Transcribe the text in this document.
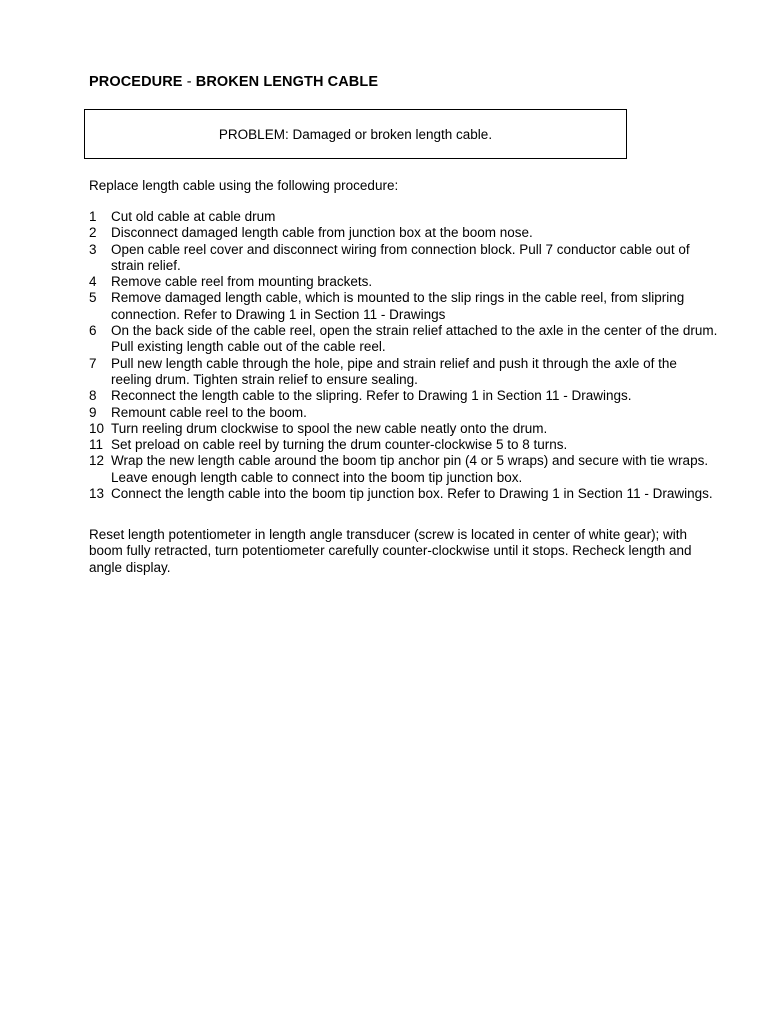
PROCEDURE - BROKEN LENGTH CABLE
PROBLEM: Damaged or broken length cable.
Replace length cable using the following procedure:
1 Cut old cable at cable drum
2 Disconnect damaged length cable from junction box at the boom nose.
3 Open cable reel cover and disconnect wiring from connection block. Pull 7 conductor cable out of strain relief.
4 Remove cable reel from mounting brackets.
5 Remove damaged length cable, which is mounted to the slip rings in the cable reel, from slipring connection. Refer to Drawing 1 in Section 11 - Drawings
6 On the back side of the cable reel, open the strain relief attached to the axle in the center of the drum. Pull existing length cable out of the cable reel.
7 Pull new length cable through the hole, pipe and strain relief and push it through the axle of the reeling drum. Tighten strain relief to ensure sealing.
8 Reconnect the length cable to the slipring. Refer to Drawing 1 in Section 11 - Drawings.
9 Remount cable reel to the boom.
10 Turn reeling drum clockwise to spool the new cable neatly onto the drum.
11 Set preload on cable reel by turning the drum counter-clockwise 5 to 8 turns.
12 Wrap the new length cable around the boom tip anchor pin (4 or 5 wraps) and secure with tie wraps. Leave enough length cable to connect into the boom tip junction box.
13 Connect the length cable into the boom tip junction box. Refer to Drawing 1 in Section 11 - Drawings.
Reset length potentiometer in length angle transducer (screw is located in center of white gear); with boom fully retracted, turn potentiometer carefully counter-clockwise until it stops. Recheck length and angle display.
